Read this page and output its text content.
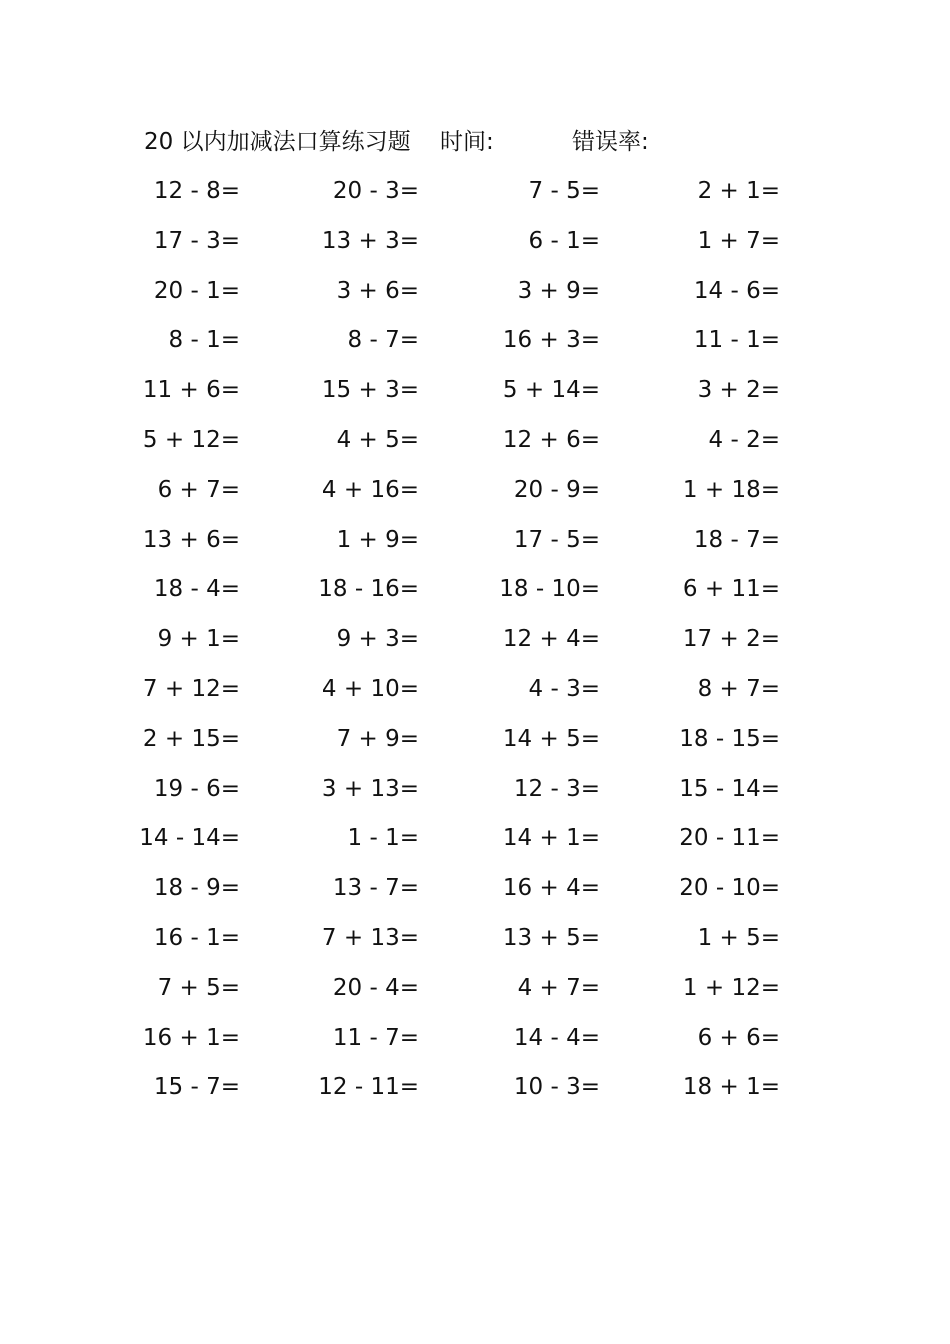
20 以内加减法口算练习题 时间:	错误率:
12 - 8=	20 - 3=	7 - 5=	2 + 1=
17 - 3=	13 + 3=	6 - 1=	1 + 7=
20 - 1=	3 + 6=	3 + 9=	14 - 6=
8 - 1=	8 - 7=	16 + 3=	11 - 1=
11 + 6=	15 + 3=	5 + 14=	3 + 2=
5 + 12=	4 + 5=	12 + 6=	4 - 2=
6 + 7=	4 + 16=	20 - 9=	1 + 18=
13 + 6=	1 + 9=	17 - 5=	18 - 7=
18 - 4=	18 - 16=	18 - 10=	6 + 11=
9 + 1=	9 + 3=	12 + 4=	17 + 2=
7 + 12=	4 + 10=	4 - 3=	8 + 7=
2 + 15=	7 + 9=	14 + 5=	18 - 15=
19 - 6=	3 + 13=	12 - 3=	15 - 14=
14 - 14=	1 - 1=	14 + 1=	20 - 11=
18 - 9=	13 - 7=	16 + 4=	20 - 10=
16 - 1=	7 + 13=	13 + 5=	1 + 5=
7 + 5=	20 - 4=	4 + 7=	1 + 12=
16 + 1=	11 - 7=	14 - 4=	6 + 6=
15 - 7=	12 - 11=	10 - 3=	18 + 1=
